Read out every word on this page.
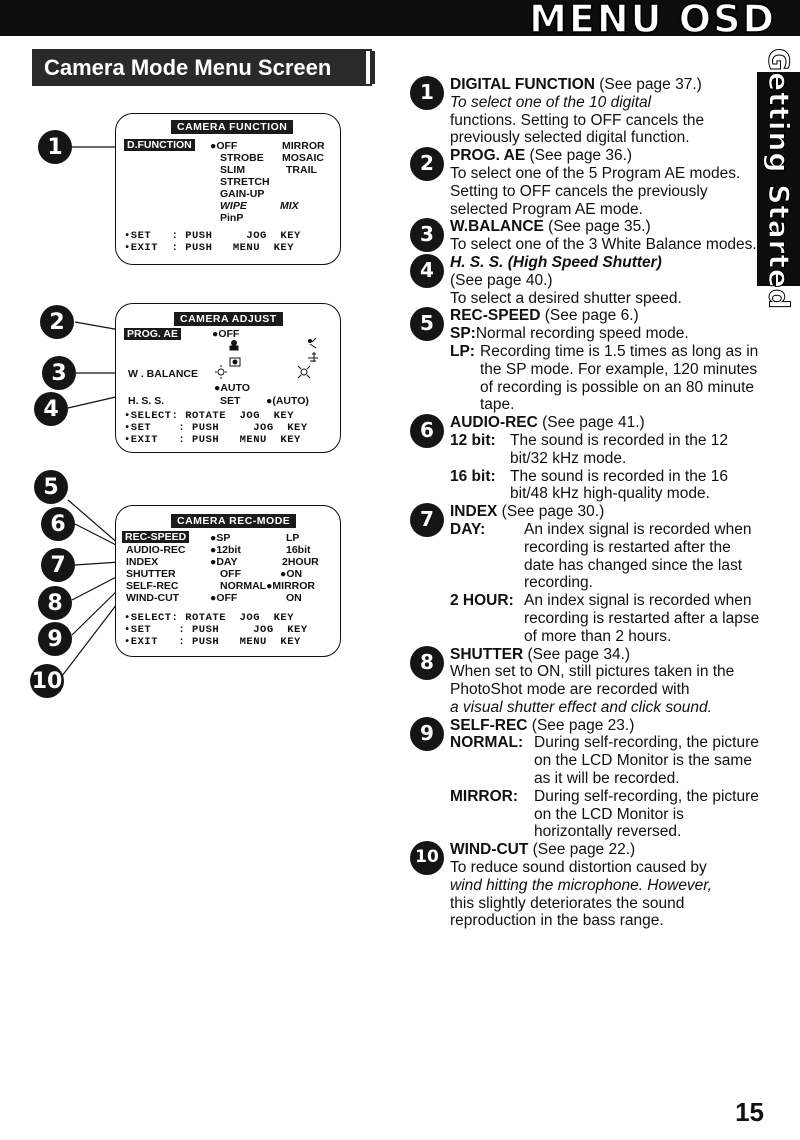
MENU OSD
Getting Started
Camera Mode Menu Screen
1
2
3
4
5
6
7
8
9
10
CAMERA FUNCTION
D.FUNCTION ●OFF	MIRROR
STROBE MOSAIC
SLIM	TRAIL
STRETCH
GAIN-UP
WIPE	MIX
PinP
•SET   : PUSH     JOG  KEY
•EXIT  : PUSH   MENU  KEY
CAMERA ADJUST
PROG. AE	●OFF
W . BALANCE
●AUTO
H. S. S.	SET ●(AUTO)
•SELECT: ROTATE  JOG  KEY
•SET    : PUSH     JOG  KEY
•EXIT   : PUSH   MENU  KEY
CAMERA REC-MODE
REC-SPEED ●SP	LP
AUDIO-REC ●12bit	16bit
INDEX	●DAY	2HOUR
SHUTTER	OFF	●ON
SELF-REC	NORMAL●MIRROR
WIND-CUT	●OFF	ON
•SELECT: ROTATE  JOG  KEY
•SET    : PUSH     JOG  KEY
•EXIT   : PUSH   MENU  KEY
1	DIGITAL FUNCTION (See page 37.)
To select one of the 10 digital
functions. Setting to OFF cancels the previously selected digital function.
2	PROG. AE (See page 36.)
To select one of the 5 Program AE modes. Setting to OFF cancels the previously selected Program AE mode.
3	W.BALANCE (See page 35.)
To select one of the 3 White Balance modes.
4	H. S. S. (High Speed Shutter)
(See page 40.)
To select a desired shutter speed.
5	REC-SPEED (See page 6.)
SP: Normal recording speed mode.
LP: Recording time is 1.5 times as long as in the SP mode. For example, 120 minutes of recording is possible on an 80 minute tape.
6	AUDIO-REC (See page 41.)
12 bit: The sound is recorded in the 12 bit/32 kHz mode.
16 bit: The sound is recorded in the 16 bit/48 kHz high-quality mode.
7	INDEX (See page 30.)
DAY:	An index signal is recorded when recording is restarted after the date has changed since the last recording.
2 HOUR: An index signal is recorded when recording is restarted after a lapse of more than 2 hours.
8	SHUTTER (See page 34.)
When set to ON, still pictures taken in the PhotoShot mode are recorded with
a visual shutter effect and click sound.
9	SELF-REC (See page 23.)
NORMAL: During self-recording, the picture on the LCD Monitor is the same as it will be recorded.
MIRROR:	During self-recording, the picture on the LCD Monitor is horizontally reversed.
10 WIND-CUT (See page 22.)
To reduce sound distortion caused by
wind hitting the microphone. However,
this slightly deteriorates the sound reproduction in the bass range.
15
